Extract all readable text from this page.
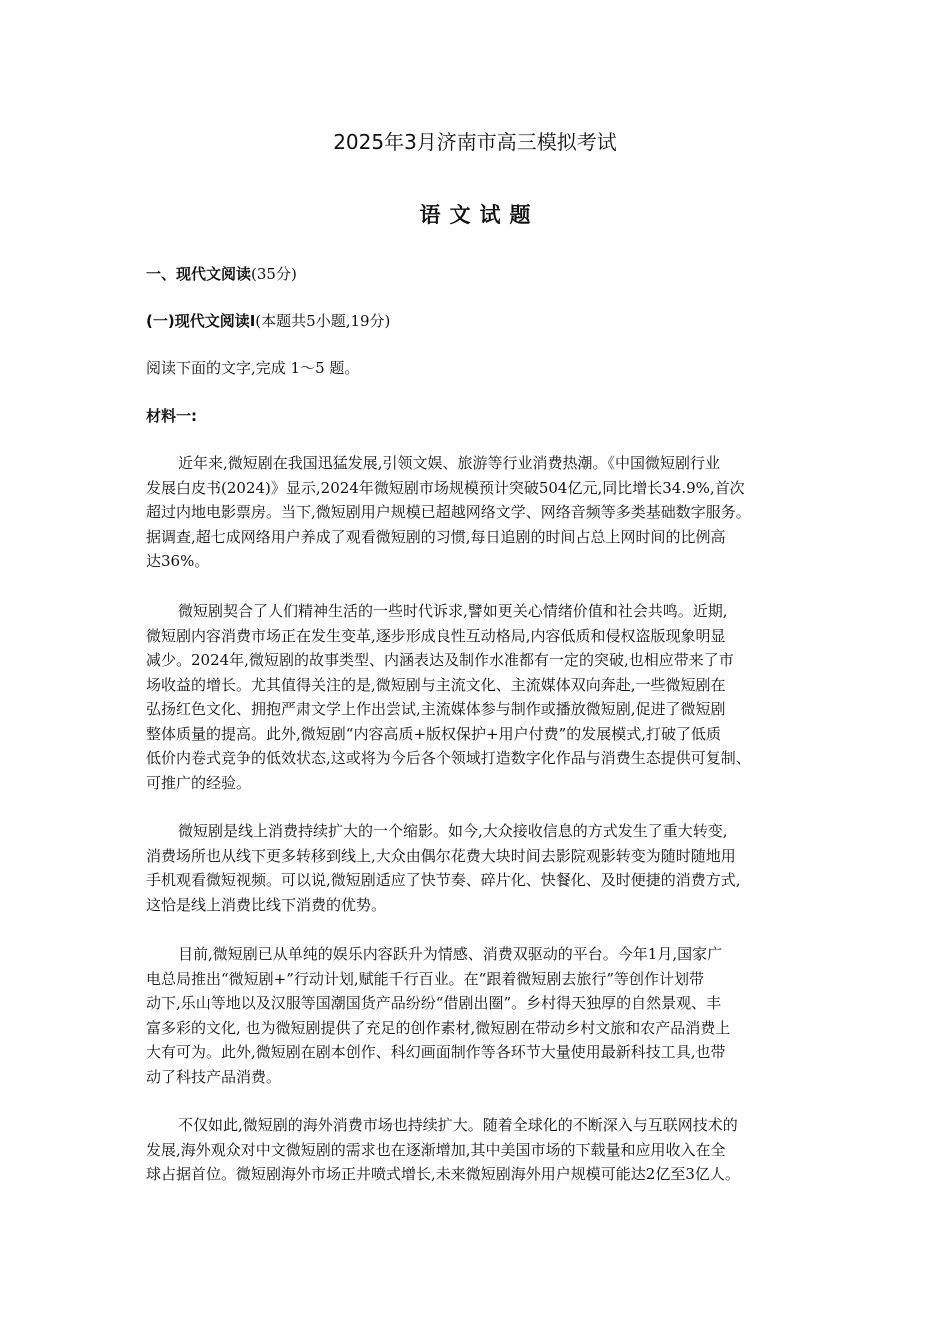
2025年3月济南市高三模拟考试
语文试题

一、现代文阅读(35分)

(一)现代文阅读Ⅰ(本题共5小题,19分)

阅读下面的文字,完成 1～5 题。

材料一:

近年来,微短剧在我国迅猛发展,引领文娱、旅游等行业消费热潮。《中国微短剧行业
发展白皮书(2024)》显示,2024年微短剧市场规模预计突破504亿元,同比增长34.9%,首次
超过内地电影票房。当下,微短剧用户规模已超越网络文学、网络音频等多类基础数字服务。
据调查,超七成网络用户养成了观看微短剧的习惯,每日追剧的时间占总上网时间的比例高
达36%。
微短剧契合了人们精神生活的一些时代诉求,譬如更关心情绪价值和社会共鸣。近期,
微短剧内容消费市场正在发生变革,逐步形成良性互动格局,内容低质和侵权盗版现象明显
减少。2024年,微短剧的故事类型、内涵表达及制作水准都有一定的突破,也相应带来了市
场收益的增长。尤其值得关注的是,微短剧与主流文化、主流媒体双向奔赴,一些微短剧在
弘扬红色文化、拥抱严肃文学上作出尝试,主流媒体参与制作或播放微短剧,促进了微短剧
整体质量的提高。此外,微短剧“内容高质+版权保护+用户付费”的发展模式,打破了低质
低价内卷式竞争的低效状态,这或将为今后各个领域打造数字化作品与消费生态提供可复制、
可推广的经验。
微短剧是线上消费持续扩大的一个缩影。如今,大众接收信息的方式发生了重大转变,
消费场所也从线下更多转移到线上,大众由偶尔花费大块时间去影院观影转变为随时随地用
手机观看微短视频。可以说,微短剧适应了快节奏、碎片化、快餐化、及时便捷的消费方式,
这恰是线上消费比线下消费的优势。
目前,微短剧已从单纯的娱乐内容跃升为情感、消费双驱动的平台。今年1月,国家广
电总局推出“微短剧+”行动计划,赋能千行百业。在“跟着微短剧去旅行”等创作计划带
动下,乐山等地以及汉服等国潮国货产品纷纷“借剧出圈”。乡村得天独厚的自然景观、丰
富多彩的文化, 也为微短剧提供了充足的创作素材,微短剧在带动乡村文旅和农产品消费上
大有可为。此外,微短剧在剧本创作、科幻画面制作等各环节大量使用最新科技工具,也带
动了科技产品消费。
不仅如此,微短剧的海外消费市场也持续扩大。随着全球化的不断深入与互联网技术的
发展,海外观众对中文微短剧的需求也在逐渐增加,其中美国市场的下载量和应用收入在全
球占据首位。微短剧海外市场正井喷式增长,未来微短剧海外用户规模可能达2亿至3亿人。
